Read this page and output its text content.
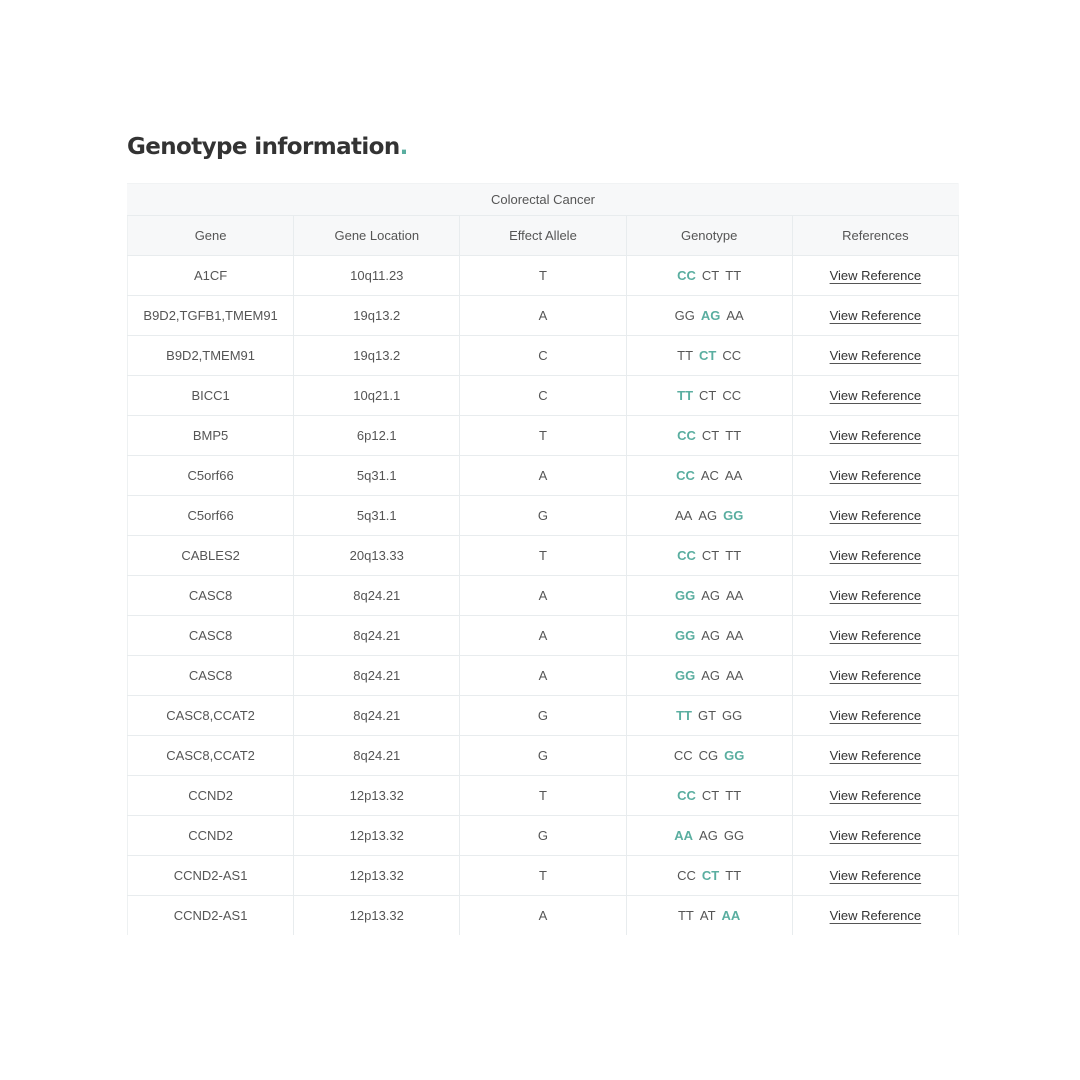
Genotype information.
Colorectal Cancer				
Gene	Gene Location	Effect Allele	Genotype	References
A1CF	10q11.23	T	CC CT TT	View Reference
B9D2,TGFB1,TMEM91	19q13.2	A	GG AG AA	View Reference
B9D2,TMEM91	19q13.2	C	TT CT CC	View Reference
BICC1	10q21.1	C	TT CT CC	View Reference
BMP5	6p12.1	T	CC CT TT	View Reference
C5orf66	5q31.1	A	CC AC AA	View Reference
C5orf66	5q31.1	G	AA AG GG	View Reference
CABLES2	20q13.33	T	CC CT TT	View Reference
CASC8	8q24.21	A	GG AG AA	View Reference
CASC8	8q24.21	A	GG AG AA	View Reference
CASC8	8q24.21	A	GG AG AA	View Reference
CASC8,CCAT2	8q24.21	G	TT GT GG	View Reference
CASC8,CCAT2	8q24.21	G	CC CG GG	View Reference
CCND2	12p13.32	T	CC CT TT	View Reference
CCND2	12p13.32	G	AA AG GG	View Reference
CCND2-AS1	12p13.32	T	CC CT TT	View Reference
CCND2-AS1	12p13.32	A	TT AT AA	View Reference
